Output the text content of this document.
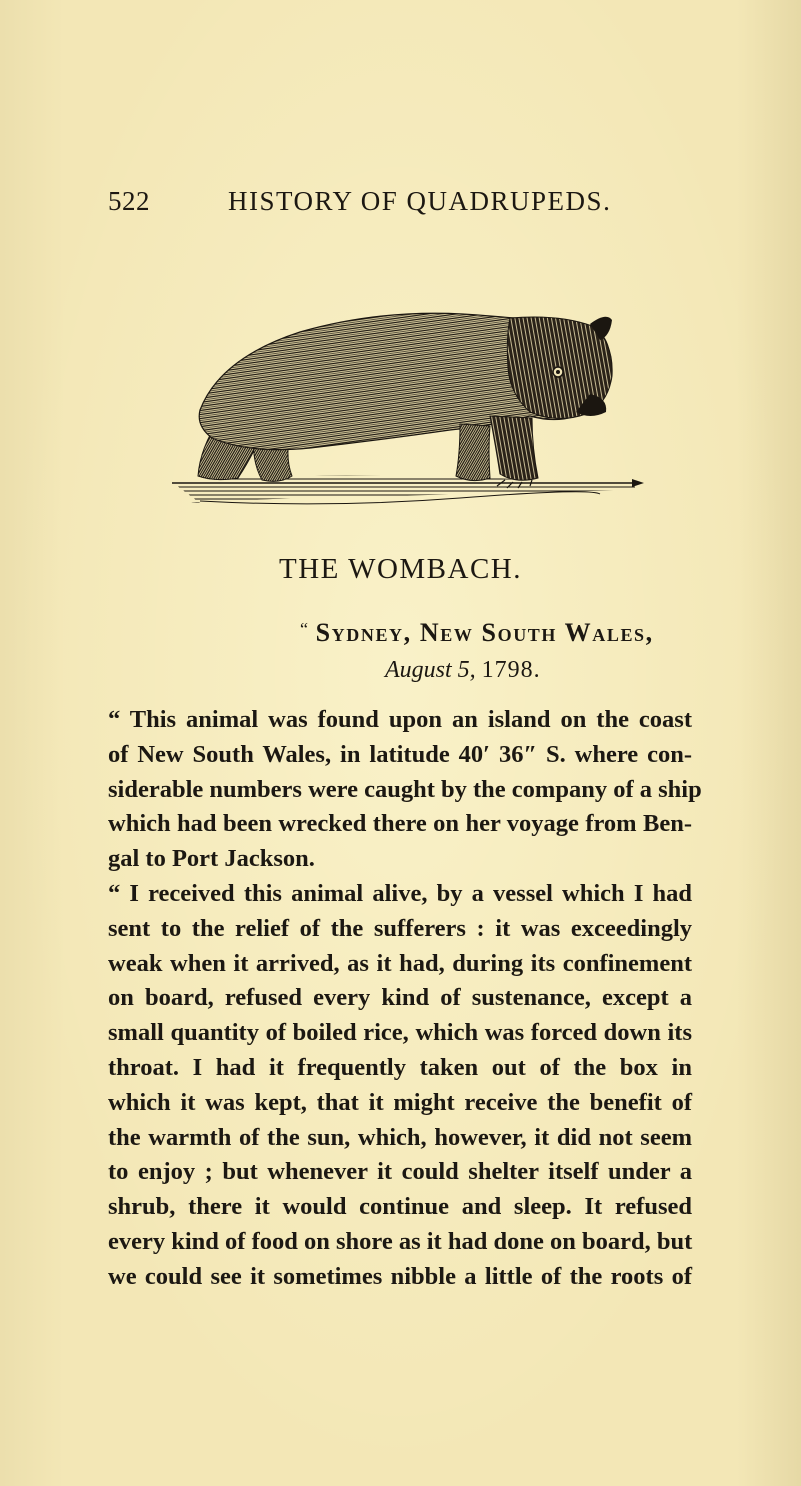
522	HISTORY OF QUADRUPEDS.
THE WOMBACH.
“ Sydney, New South Wales,
August 5, 1798.
“ This animal was found upon an island on the coast
of New South Wales, in latitude 40′ 36″ S. where con-
siderable numbers were caught by the company of a ship
which had been wrecked there on her voyage from Ben-
gal to Port Jackson.
“ I received this animal alive, by a vessel which I had
sent to the relief of the sufferers : it was exceedingly
weak when it arrived, as it had, during its confinement
on board, refused every kind of sustenance, except a
small quantity of boiled rice, which was forced down its
throat. I had it frequently taken out of the box in
which it was kept, that it might receive the benefit of
the warmth of the sun, which, however, it did not seem
to enjoy ; but whenever it could shelter itself under a
shrub, there it would continue and sleep. It refused
every kind of food on shore as it had done on board, but
we could see it sometimes nibble a little of the roots of
